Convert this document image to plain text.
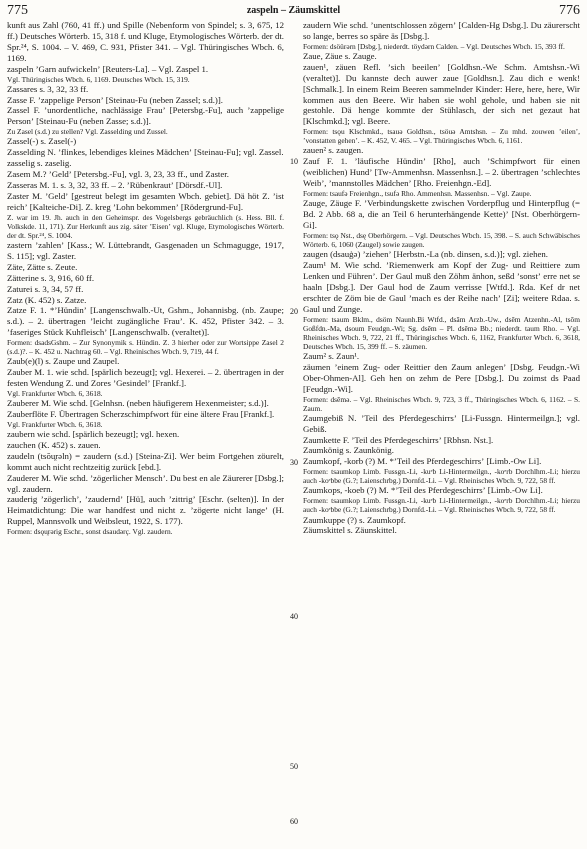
775	zaspeln – Zäumskittel	776
10
20
30
40
50
60

kunft aus Zahl (760, 41 ff.) und Spille (Nebenform von Spindel; s. 3, 675, 12 ff.) Deutsches Wörterb. 15, 318 f. und Kluge, Etymologisches Wörterb. der dt. Spr.²⁴, S. 1004. – V. 469, C. 931, Pfister 341. – Vgl. Thüringisches Wbch. 6, 1169.

zaspeln ʼGarn aufwickelnʼ [Reuters-La]. – Vgl. Zaspel 1.

Vgl. Thüringisches Wbch. 6, 1169. Deutsches Wbch. 15, 319.

Zassares s. 3, 32, 33 ff.

Zasse F. ʼzappelige Personʼ [Steinau-Fu (neben Zassel; s.d.)].

Zassel F. ʼunordentliche, nachlässige Frauʼ [Petersbg.-Fu], auch ʼzappelige Personʼ [Steinau-Fu (neben Zasse; s.d.)].

Zu Zasel (s.d.) zu stellen? Vgl. Zasselding und Zussel.

Zassel(-) s. Zasel(-)

Zasselding N. ʼflinkes, lebendiges kleines Mädchenʼ [Steinau-Fu]; vgl. Zassel.

zasselig s. zaselig.

Zasem M.? ʼGeldʼ [Petersbg.-Fu], vgl. 3, 23, 33 ff., und Zaster.

Zasseras M. 1. s. 3, 32, 33 ff. – 2. ʼRübenkrautʼ [Dörsdf.-Ul].

Zaster M. ʼGeldʼ [gestreut belegt im gesamten Wbch. gebiet]. Dä höt Z. ʼist reichʼ [Kalteiche-Di]. Z. kreg ʼLohn bekommenʼ [Rödergrund-Fu].

Z. war im 19. Jh. auch in den Geheimspr. des Vogelsbergs gebräuchlich (s. Hess. Bll. f. Volkskde. 11, 171). Zur Herkunft aus zig. sáter ʼEisenʼ vgl. Kluge, Etymologisches Wörterb. der dt. Spr.²⁴, S. 1004.

zastern ʼzahlenʼ [Kass.; W. Lüttebrandt, Gasgenaden un Schmagugge, 1917, S. 115]; vgl. Zaster.

Zäte, Zätte s. Zeute.

Zätterine s. 3, 916, 60 ff.

Zaturei s. 3, 34, 57 ff.

Zatz (K. 452) s. Zatze.

Zatze F. 1. *ʼHündinʼ [Langenschwalb.-Ut, Gshm., Johannisbg. (nb. Zaupe; s.d.). – 2. übertragen ʼleicht zugängliche Frauʼ. K. 452, Pfister 342. – 3. ʼfaseriges Stück Kuhfleischʼ [Langenschwalb. (veraltet)].

Formen: dsadsGshm. – Zur Synonymik s. Hündin. Z. 3 hierher oder zur Wortsippe Zasel 2 (s.d.)?. – K. 452 u. Nachtrag 60. – Vgl. Rheinisches Wbch. 9, 719, 44 f.

Zaub(e)(l) s. Zaupe und Zaupel.

Zauber M. 1. wie schd. [spärlich bezeugt]; vgl. Hexerei. – 2. übertragen in der festen Wendung Z. und Zores ʼGesindelʼ [Frankf.].

Vgl. Frankfurter Wbch. 6, 3618.

Zauberer M. Wie schd. [Gelnhsn. (neben häufigerem Hexenmeister; s.d.)].

Zauberflöte F. Übertragen Scherzschimpfwort für eine ältere Frau [Frankf.].

Vgl. Frankfurter Wbch. 6, 3618.

zaubern wie schd. [spärlich bezeugt]; vgl. hexen.

zauchen (K. 452) s. zauen.

zaudeln (tsōu̯rəln) = zaudern (s.d.) [Steina-Zi]. Wer beim Fortgehen zöurelt, kommt auch nicht rechtzeitig zurück [ebd.].

Zauderer M. Wie schd. ʼzögerlicher Menschʼ. Du best en ale Zäurerer [Dsbg.]; vgl. zaudern.

zauderig ʼzögerlichʼ, ʼzauderndʼ [Hü], auch ʼzittrigʼ [Eschr. (selten)]. In der Heimatdichtung: Die war handfest und nicht z. ʼzögerte nicht langeʼ (H. Ruppel, Mannsvolk und Weibsleut, 1922, S. 177).

Formen: dsǫu̯rərig Eschr., sonst dsaudərç. Vgl. zaudern.

zaudern Wie schd. ʼunentschlossen zögernʼ [Calden-Hg Dsbg.]. Du zäurerscht so lange, berres so späre äs [Dsbg.].

Formen: dsöürərn [Dsbg.], niederdt. töydərn Calden. – Vgl. Deutsches Wbch. 15, 393 ff.

Zaue, Zäue s. Zauge.

zauen¹, zäuen Refl. ʼsich beeilenʼ [Goldhsn.-We Schm. Amtshsn.-Wi (veraltet)]. Du kannste dech auwer zaue [Goldhsn.]. Zau dich e wenk! [Schmalk.]. In einem Reim Beeren sammelnder Kinder: Here, here, here, Wir kommen aus den Beere. Wir haben sie wohl gehole, und haben sie nit gestohle. Dä henge kommte der Stühlasch, der sich net gezaut hat [Klschmkd.]; vgl. Beere.

Formen: tsǫu Klschmkd., tsauə Goldhsn., tsöuə Amtshsn. – Zu mhd. zouwen ʼeilenʼ, ʼvonstatten gehenʼ. – K. 452, V. 465. – Vgl. Thüringisches Wbch. 6, 1161.

zauen² s. zaugen.

Zauf F. 1. ʼläufische Hündinʼ [Rho], auch ʼSchimpfwort für einen (weiblichen) Hundʼ [Tw-Ammenhsn. Massenhsn.]. – 2. übertragen ʼschlechtes Weibʼ, ʼmannstolles Mädchenʼ [Rho. Freienhgn.-Ed].

Formen: tsaufə Freienhgn., tsufə Rho. Ammenhsn. Massenhsn. – Vgl. Zaupe.

Zauge, Zäuge F. ʼVerbindungskette zwischen Vorderpflug und Hinterpflug (= Bd. 2 Abb. 68 a, die an Teil 6 herunterhängende Kette)ʼ [Nst. Oberhörgern-Gi].

Formen: tsǫ Nst., dsę Oberhörgern. – Vgl. Deutsches Wbch. 15, 398. – S. auch Schwäbisches Wörterb. 6, 1060 (Zaugel) sowie zaugen.

zaugen (dsauģə) ʼziehenʼ [Herbstn.-La (nb. dinsen, s.d.)]; vgl. ziehen.

Zaum¹ M. Wie schd. ʼRiemenwerk am Kopf der Zug- und Reittiere zum Lenken und Führenʼ. Der Gaul muß den Zöhm änhon, seßd ʼsonstʼ erre net se haaln [Dsbg.]. Der Gaul hod de Zaum verrisse [Wtfd.]. Rda. Kef dr net erschter de Zöm bie de Gaul ʼmach es der Reihe nachʼ [Zi]; weitere Rdaa. s. Gaul und Zunge.

Formen: tsaum Bklm., dsöm Naunh.Bi Wtfd., dsām Arzb.-Uw., dsēm Atzenhn.-Al, tsōm Goßfdn.-Ma, dsoum Feudgn.-Wi; Sg. dsēm – Pl. dsēmə Bb.; niederdt. taum Rho. – Vgl. Rheinisches Wbch. 9, 722, 21 ff., Thüringisches Wbch. 6, 1162, Frankfurter Wbch. 6, 3618, Deutsches Wbch. 15, 399 ff. – S. zäumen.

Zaum² s. Zaun¹.

zäumen ʼeinem Zug- oder Reittier den Zaum anlegenʼ [Dsbg. Feudgn.-Wi Ober-Ohmen-Al]. Geh hen on zehm de Pere [Dsbg.]. Du zoimst ds Paad [Feudgn.-Wi].

Formen: dsēmə. – Vgl. Rheinisches Wbch. 9, 723, 3 ff., Thüringisches Wbch. 6, 1162. – S. Zaum.

Zaumgebiß N. ʼTeil des Pferdegeschirrsʼ [Li-Fussgn. Hintermeilgn.]; vgl. Gebiß.

Zaumkette F. ʼTeil des Pferdegeschirrsʼ [Rbhsn. Nst.].

Zaumkönig s. Zaunkönig.

Zaumkopf, -korb (?) M. *ʼTeil des Pferdegeschirrsʼ [Limb.-Ow Li].

Formen: tsaumkop Limb. Fussgn.-Li, -kuᵉb Li-Hintermeilgn., -koᵉrb Dorchlhm.-Li; hierzu auch -koᵉbbe (G.?; Laienschrbg.) Dornfd.-Li. – Vgl. Rheinisches Wbch. 9, 722, 58 ff.

Zaumkops, -koeb (?) M. *ʼTeil des Pferdegeschirrsʼ [Limb.-Ow Li].

Formen: tsaumkop Limb. Fussgn.-Li, -kuᵉb Li-Hintermeilgn., -koᵉrb Dorchlhm.-Li; hierzu auch -koᵉbbe (G.?; Laienschrbg.) Dornfd.-Li. – Vgl. Rheinisches Wbch. 9, 722, 58 ff.

Zaumkuppe (?) s. Zaumkopf.

Zäumskittel s. Zäunskittel.
